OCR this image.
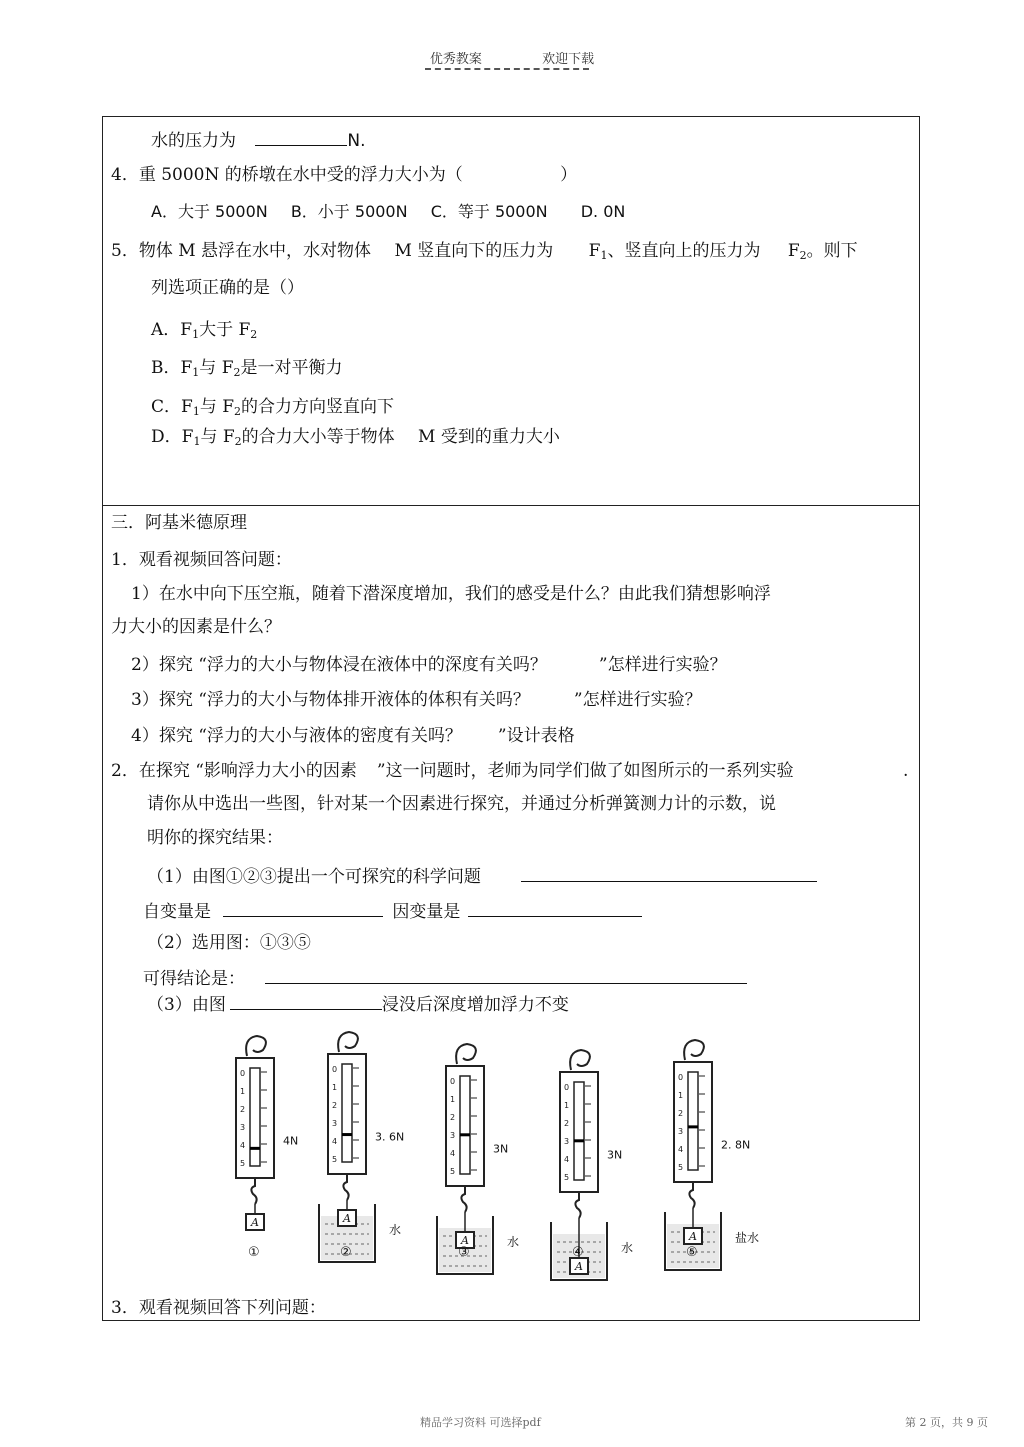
优秀教案	欢迎下载
水的压力为	N.
4．重 5000N 的桥墩在水中受的浮力大小为（	）
A．大于 5000N B．小于 5000N C．等于 5000N D. 0N
5．物体 M 悬浮在水中，水对物体 M 竖直向下的压力为 $F_1$、竖直向上的压力为 $F_2$。则下
列选项正确的是（）
A．$F_1$大于 $F_2$
B．$F_1$与 $F_2$是一对平衡力
C．$F_1$与 $F_2$的合力方向竖直向下
D．$F_1$与 $F_2$的合力大小等于物体 M 受到的重力大小
三．阿基米德原理
1．观看视频回答问题：
1）在水中向下压空瓶，随着下潜深度增加，我们的感受是什么？由此我们猜想影响浮
力大小的因素是什么？
2）探究 “浮力的大小与物体浸在液体中的深度有关吗？	”怎样进行实验？
3）探究 “浮力的大小与物体排开液体的体积有关吗？	”怎样进行实验？
4）探究 “浮力的大小与液体的密度有关吗？ ”设计表格
2．在探究 “影响浮力大小的因素 ”这一问题时，老师为同学们做了如图所示的一系列实验	.
请你从中选出一些图，针对某一个因素进行探究，并通过分析弹簧测力计的示数，说
明你的探究结果：
（1）由图①②③提出一个可探究的科学问题
自变量是	因变量是
（2）选用图：①③⑤
可得结论是：
（3）由图	浸没后深度增加浮力不变
3．观看视频回答下列问题：
0
1
2
3
4
5
4N
A
①
0
1
2
3
4
5
3. 6N
A
水
②
0
1
2
3
4
5
3N
A	水
③
0
1
2
3
4
5
3N
A
水
④
0
1
2
3
4
5
2. 8N
A	盐水
⑤
精品学习资料 可选择pdf	第 2 页，共 9 页
